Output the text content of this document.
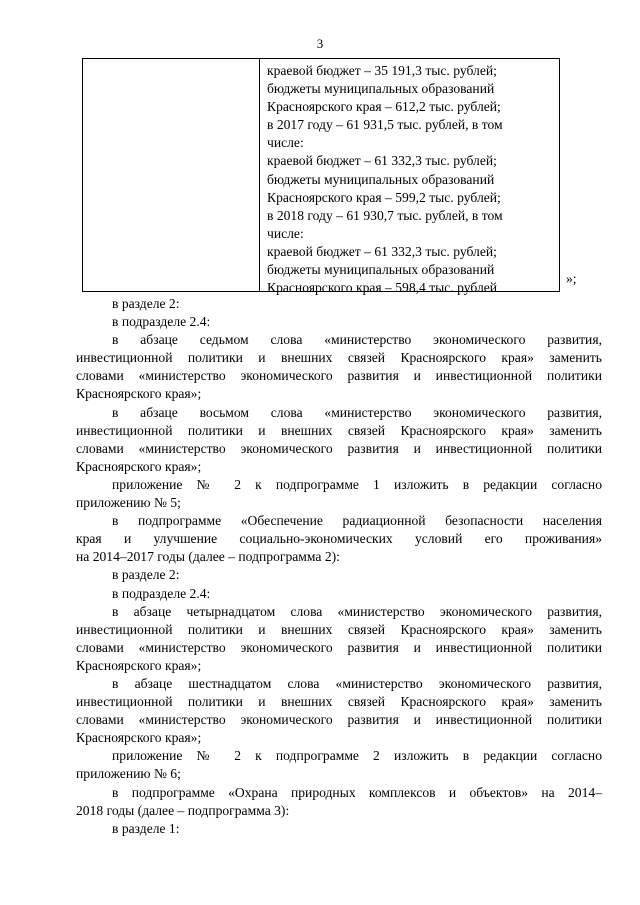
3
краевой бюджет – 35 191,3 тыс. рублей;
бюджеты муниципальных образований
Красноярского края – 612,2 тыс. рублей;
в 2017 году – 61 931,5 тыс. рублей, в том
числе:
краевой бюджет – 61 332,3 тыс. рублей;
бюджеты муниципальных образований
Красноярского края – 599,2 тыс. рублей;
в 2018 году – 61 930,7 тыс. рублей, в том
числе:
краевой бюджет – 61 332,3 тыс. рублей;
бюджеты муниципальных образований
Красноярского края – 598,4 тыс. рублей
»;
в разделе 2:
в подразделе 2.4:
в абзаце седьмом слова «министерство экономического развития,
инвестиционной политики и внешних связей Красноярского края» заменить
словами «министерство экономического развития и инвестиционной политики
Красноярского края»;
в абзаце восьмом слова «министерство экономического развития,
инвестиционной политики и внешних связей Красноярского края» заменить
словами «министерство экономического развития и инвестиционной политики
Красноярского края»;
приложение № 2 к подпрограмме 1 изложить в редакции согласно
приложению № 5;
в подпрограмме «Обеспечение радиационной безопасности населения
края и улучшение социально-экономических условий его проживания»
на 2014–2017 годы (далее – подпрограмма 2):
в разделе 2:
в подразделе 2.4:
в абзаце четырнадцатом слова «министерство экономического развития,
инвестиционной политики и внешних связей Красноярского края» заменить
словами «министерство экономического развития и инвестиционной политики
Красноярского края»;
в абзаце шестнадцатом слова «министерство экономического развития,
инвестиционной политики и внешних связей Красноярского края» заменить
словами «министерство экономического развития и инвестиционной политики
Красноярского края»;
приложение № 2 к подпрограмме 2 изложить в редакции согласно
приложению № 6;
в подпрограмме «Охрана природных комплексов и объектов» на 2014–
2018 годы (далее – подпрограмма 3):
в разделе 1:
